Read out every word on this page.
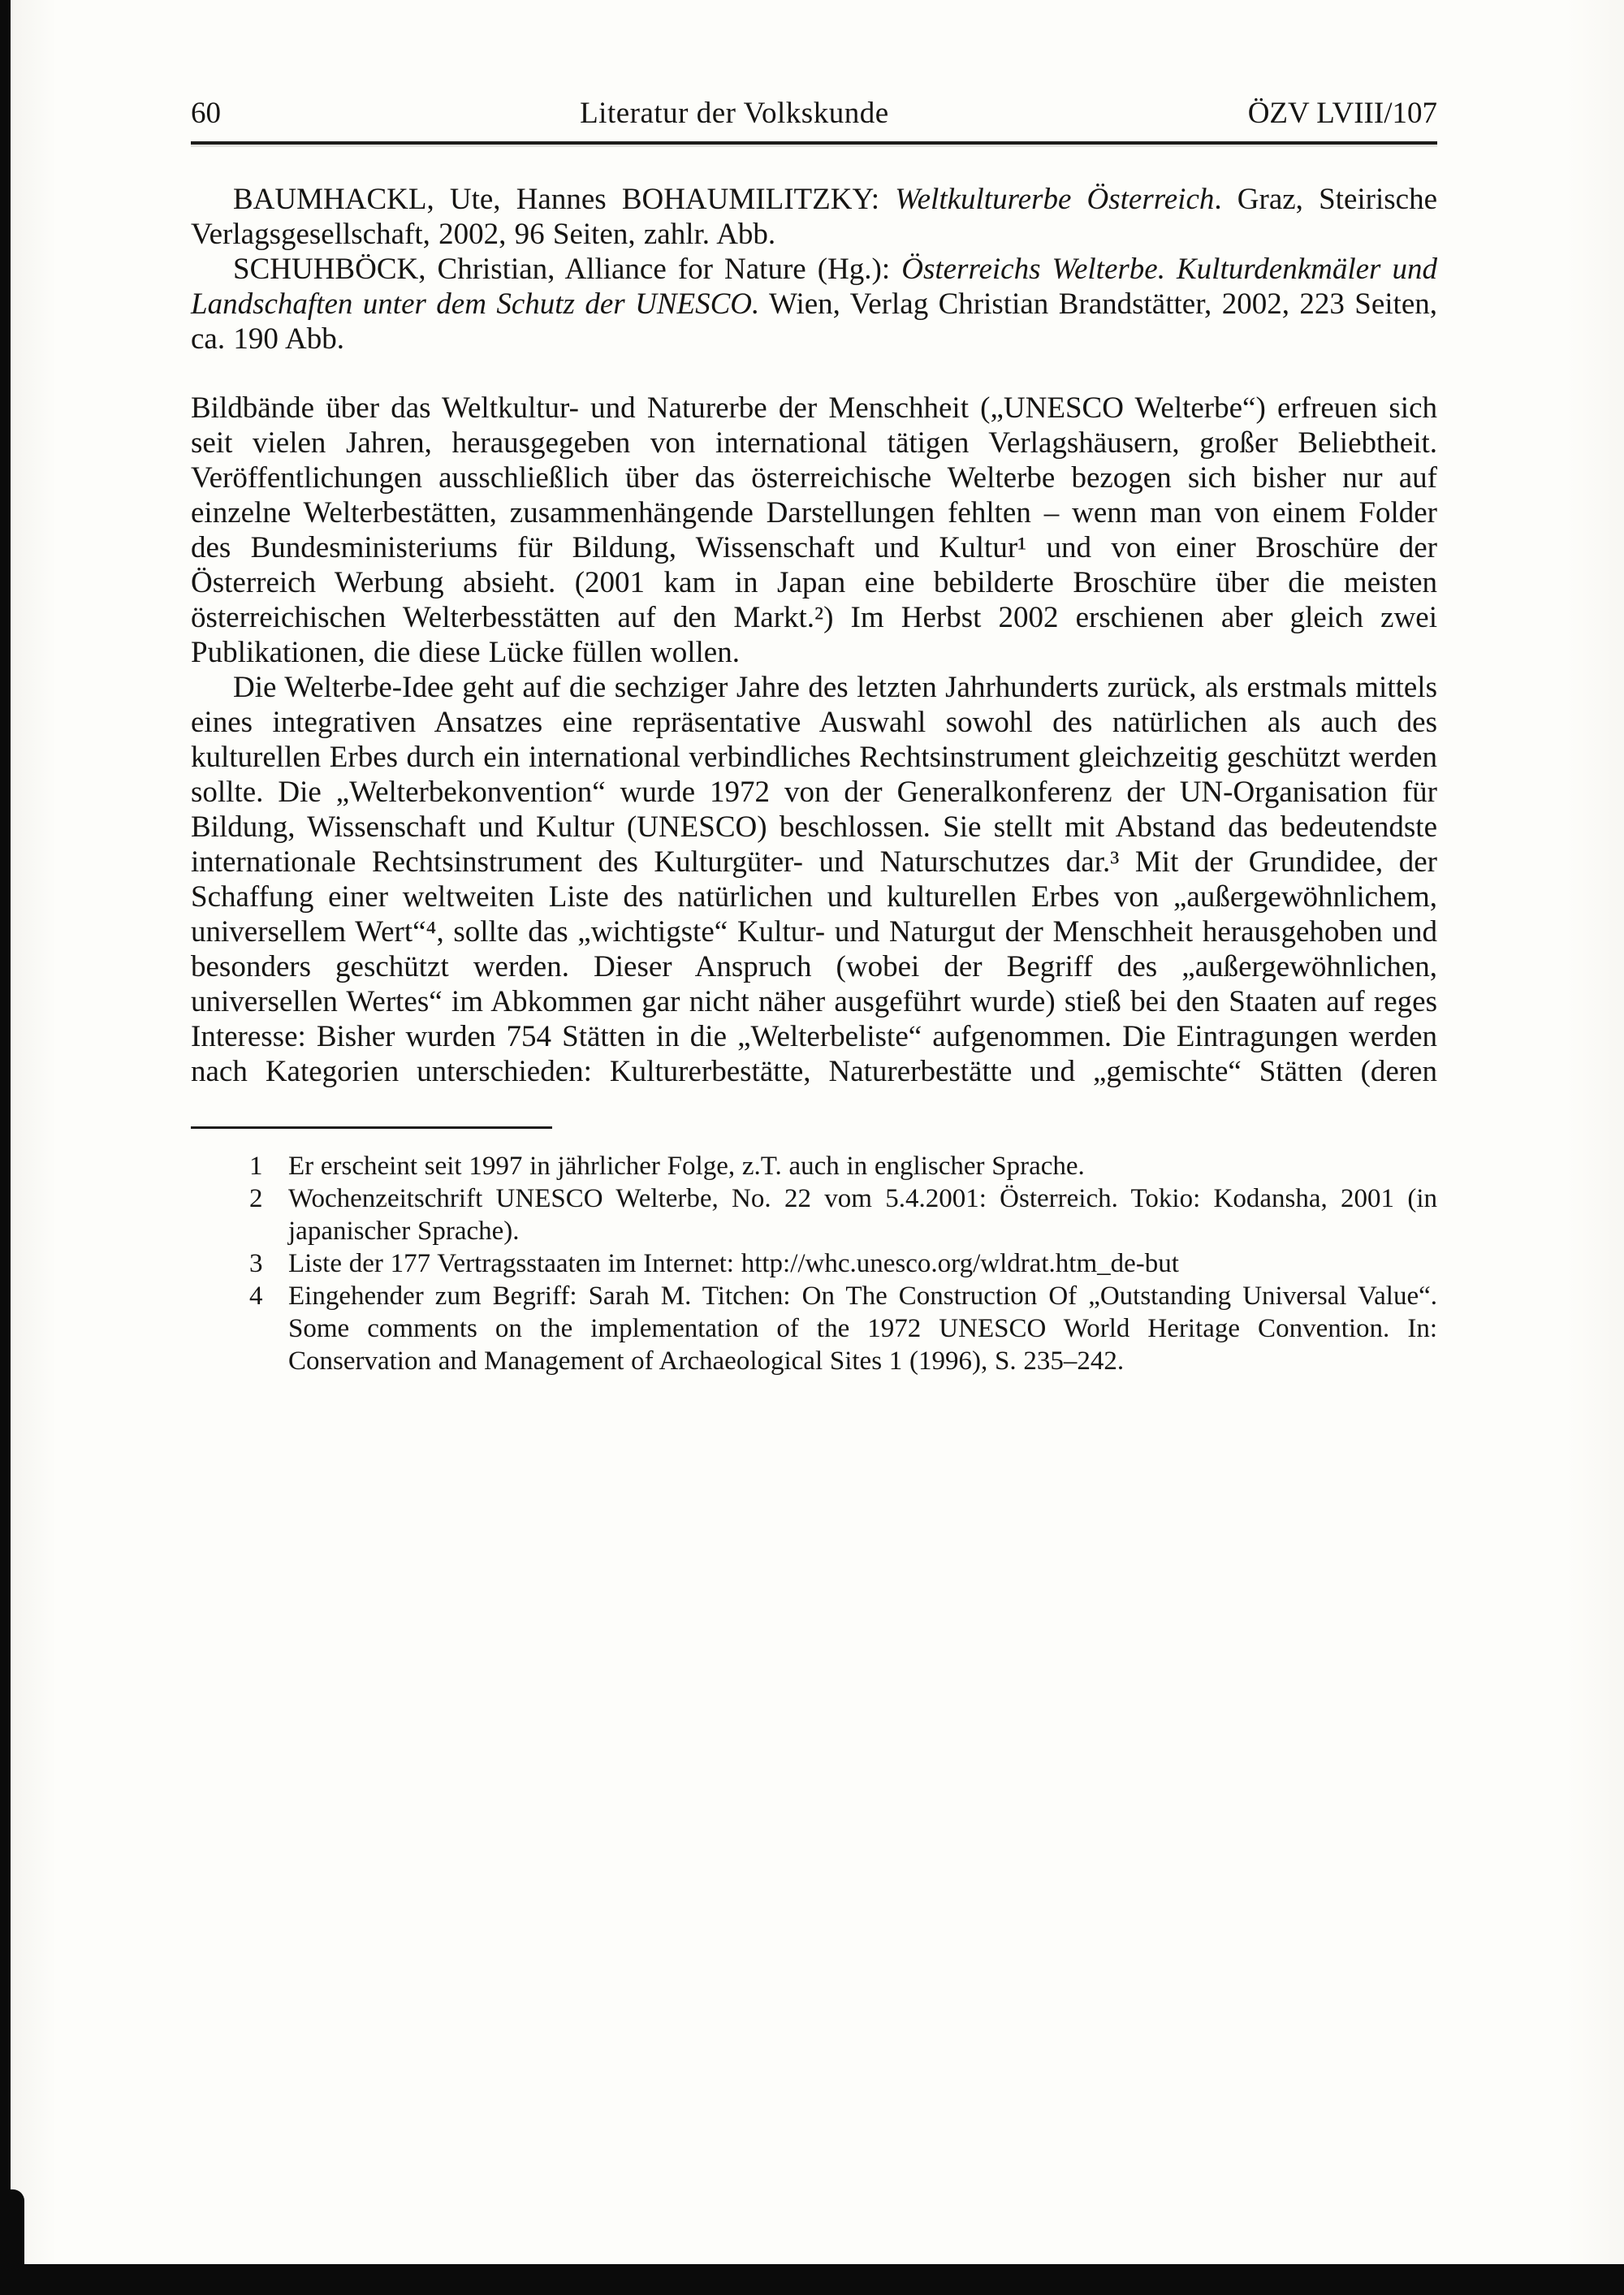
60	Literatur der Volkskunde	ÖZV LVIII/107

BAUMHACKL, Ute, Hannes BOHAUMILITZKY: Weltkulturerbe Österreich. Graz, Steirische Verlagsgesellschaft, 2002, 96 Seiten, zahlr. Abb.

SCHUHBÖCK, Christian, Alliance for Nature (Hg.): Österreichs Welterbe. Kulturdenkmäler und Landschaften unter dem Schutz der UNESCO. Wien, Verlag Christian Brandstätter, 2002, 223 Seiten, ca. 190 Abb.

Bildbände über das Weltkultur- und Naturerbe der Menschheit („UNESCO Welterbe“) erfreuen sich seit vielen Jahren, herausgegeben von international tätigen Verlagshäusern, großer Beliebtheit. Veröffentlichungen ausschließlich über das österreichische Welterbe bezogen sich bisher nur auf einzelne Welterbestätten, zusammenhängende Darstellungen fehlten – wenn man von einem Folder des Bundesministeriums für Bildung, Wissenschaft und Kultur¹ und von einer Broschüre der Österreich Werbung absieht. (2001 kam in Japan eine bebilderte Broschüre über die meisten österreichischen Welterbesstätten auf den Markt.²) Im Herbst 2002 erschienen aber gleich zwei Publikationen, die diese Lücke füllen wollen.

Die Welterbe-Idee geht auf die sechziger Jahre des letzten Jahrhunderts zurück, als erstmals mittels eines integrativen Ansatzes eine repräsentative Auswahl sowohl des natürlichen als auch des kulturellen Erbes durch ein international verbindliches Rechtsinstrument gleichzeitig geschützt werden sollte. Die „Welterbekonvention“ wurde 1972 von der Generalkonferenz der UN-Organisation für Bildung, Wissenschaft und Kultur (UNESCO) beschlossen. Sie stellt mit Abstand das bedeutendste internationale Rechtsinstrument des Kulturgüter- und Naturschutzes dar.³ Mit der Grundidee, der Schaffung einer weltweiten Liste des natürlichen und kulturellen Erbes von „außergewöhnlichem, universellem Wert“⁴, sollte das „wichtigste“ Kultur- und Naturgut der Menschheit herausgehoben und besonders geschützt werden. Dieser Anspruch (wobei der Begriff des „außergewöhnlichen, universellen Wertes“ im Abkommen gar nicht näher ausgeführt wurde) stieß bei den Staaten auf reges Interesse: Bisher wurden 754 Stätten in die „Welterbeliste“ aufgenommen. Die Eintragungen werden nach Kategorien unterschieden: Kulturerbestätte, Naturerbestätte und „gemischte“ Stätten (deren

1 Er erscheint seit 1997 in jährlicher Folge, z.T. auch in englischer Sprache.

2 Wochenzeitschrift UNESCO Welterbe, No. 22 vom 5.4.2001: Österreich. Tokio: Kodansha, 2001 (in japanischer Sprache).

3 Liste der 177 Vertragsstaaten im Internet: http://whc.unesco.org/wldrat.htm_de-but

4 Eingehender zum Begriff: Sarah M. Titchen: On The Construction Of „Outstanding Universal Value“. Some comments on the implementation of the 1972 UNESCO World Heritage Convention. In: Conservation and Management of Archaeological Sites 1 (1996), S. 235–242.
